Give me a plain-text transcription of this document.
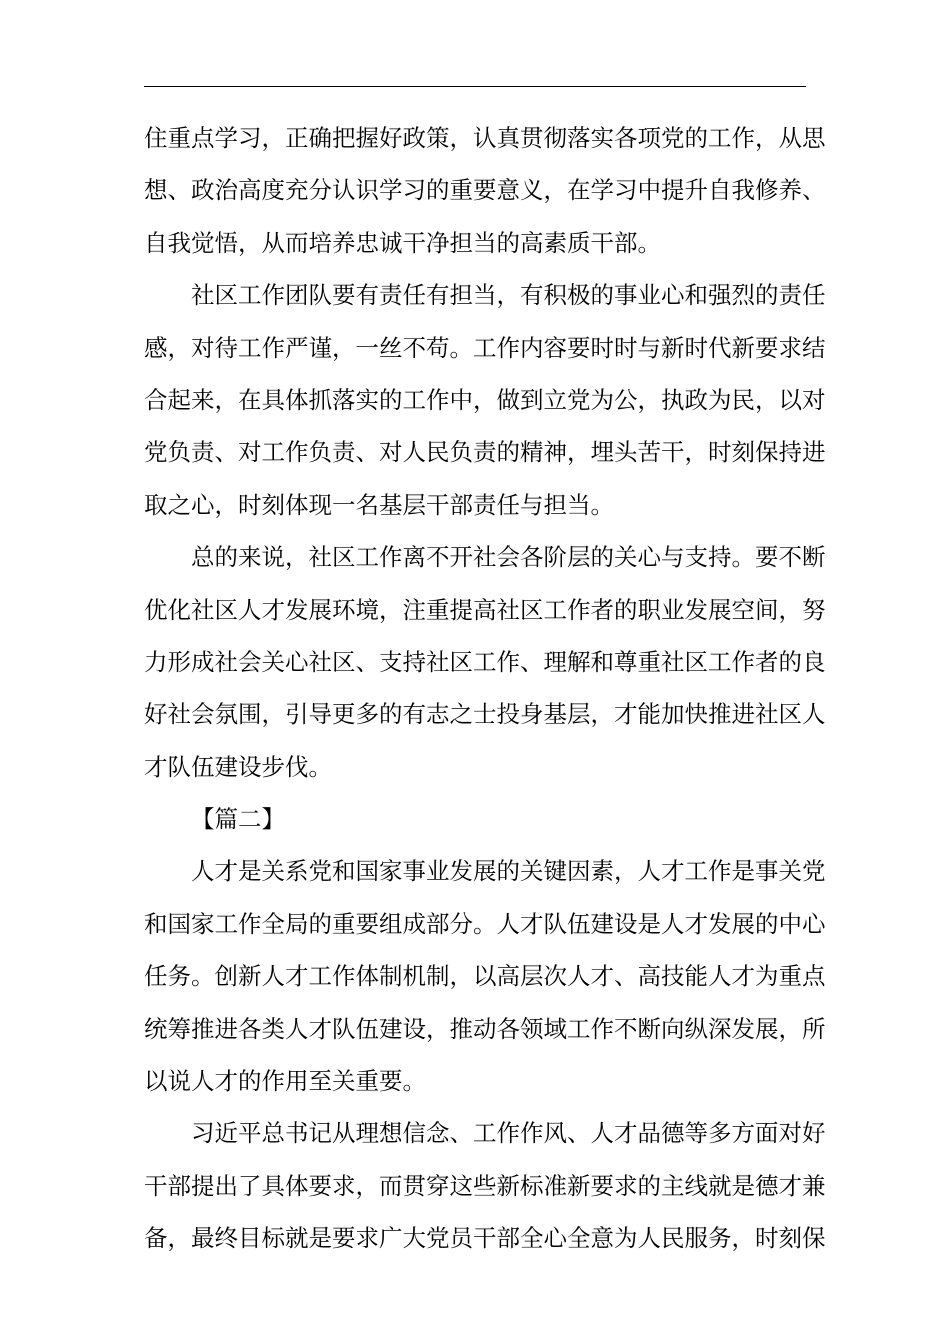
住 重 点 学 习 ， 正 确 把 握 好 政 策 ， 认 真 贯 彻 落 实 各 项 党 的 工 作 ， 从 思
想 、 政 治 高 度 充 分 认 识 学 习 的 重 要 意 义 ， 在 学 习 中 提 升 自 我 修 养 、
自我觉悟，从而培养忠诚干净担当的高素质干部。
社 区 工 作 团 队 要 有 责 任 有 担 当 ， 有 积 极 的 事 业 心 和 强 烈 的 责 任
感 ， 对 待 工 作 严 谨 ， 一 丝 不 苟 。 工 作 内 容 要 时 时 与 新 时 代 新 要 求 结
合 起 来 ， 在 具 体 抓 落 实 的 工 作 中 ， 做 到 立 党 为 公 ， 执 政 为 民 ， 以 对
党 负 责 、 对 工 作 负 责 、 对 人 民 负 责 的 精 神 ， 埋 头 苦 干 ， 时 刻 保 持 进
取之心，时刻体现一名基层干部责任与担当。
总 的 来 说 ， 社 区 工 作 离 不 开 社 会 各 阶 层 的 关 心 与 支 持 。 要 不 断
优 化 社 区 人 才 发 展 环 境 ， 注 重 提 高 社 区 工 作 者 的 职 业 发 展 空 间 ， 努
力 形 成 社 会 关 心 社 区 、 支 持 社 区 工 作 、 理 解 和 尊 重 社 区 工 作 者 的 良
好 社 会 氛 围 ， 引 导 更 多 的 有 志 之 士 投 身 基 层 ， 才 能 加 快 推 进 社 区 人
才队伍建设步伐。
【篇二】
人 才 是 关 系 党 和 国 家 事 业 发 展 的 关 键 因 素 ， 人 才 工 作 是 事 关 党
和 国 家 工 作 全 局 的 重 要 组 成 部 分 。 人 才 队 伍 建 设 是 人 才 发 展 的 中 心
任 务 。 创 新 人 才 工 作 体 制 机 制 ， 以 高 层 次 人 才 、 高 技 能 人 才 为 重 点
统 筹 推 进 各 类 人 才 队 伍 建 设 ， 推 动 各 领 域 工 作 不 断 向 纵 深 发 展 ， 所
以说人才的作用至关重要。
习 近 平 总 书 记 从 理 想 信 念 、 工 作 作 风 、 人 才 品 德 等 多 方 面 对 好
干 部 提 出 了 具 体 要 求 ， 而 贯 穿 这 些 新 标 准 新 要 求 的 主 线 就 是 德 才 兼
备 ， 最 终 目 标 就 是 要 求 广 大 党 员 干 部 全 心 全 意 为 人 民 服 务 ， 时 刻 保
